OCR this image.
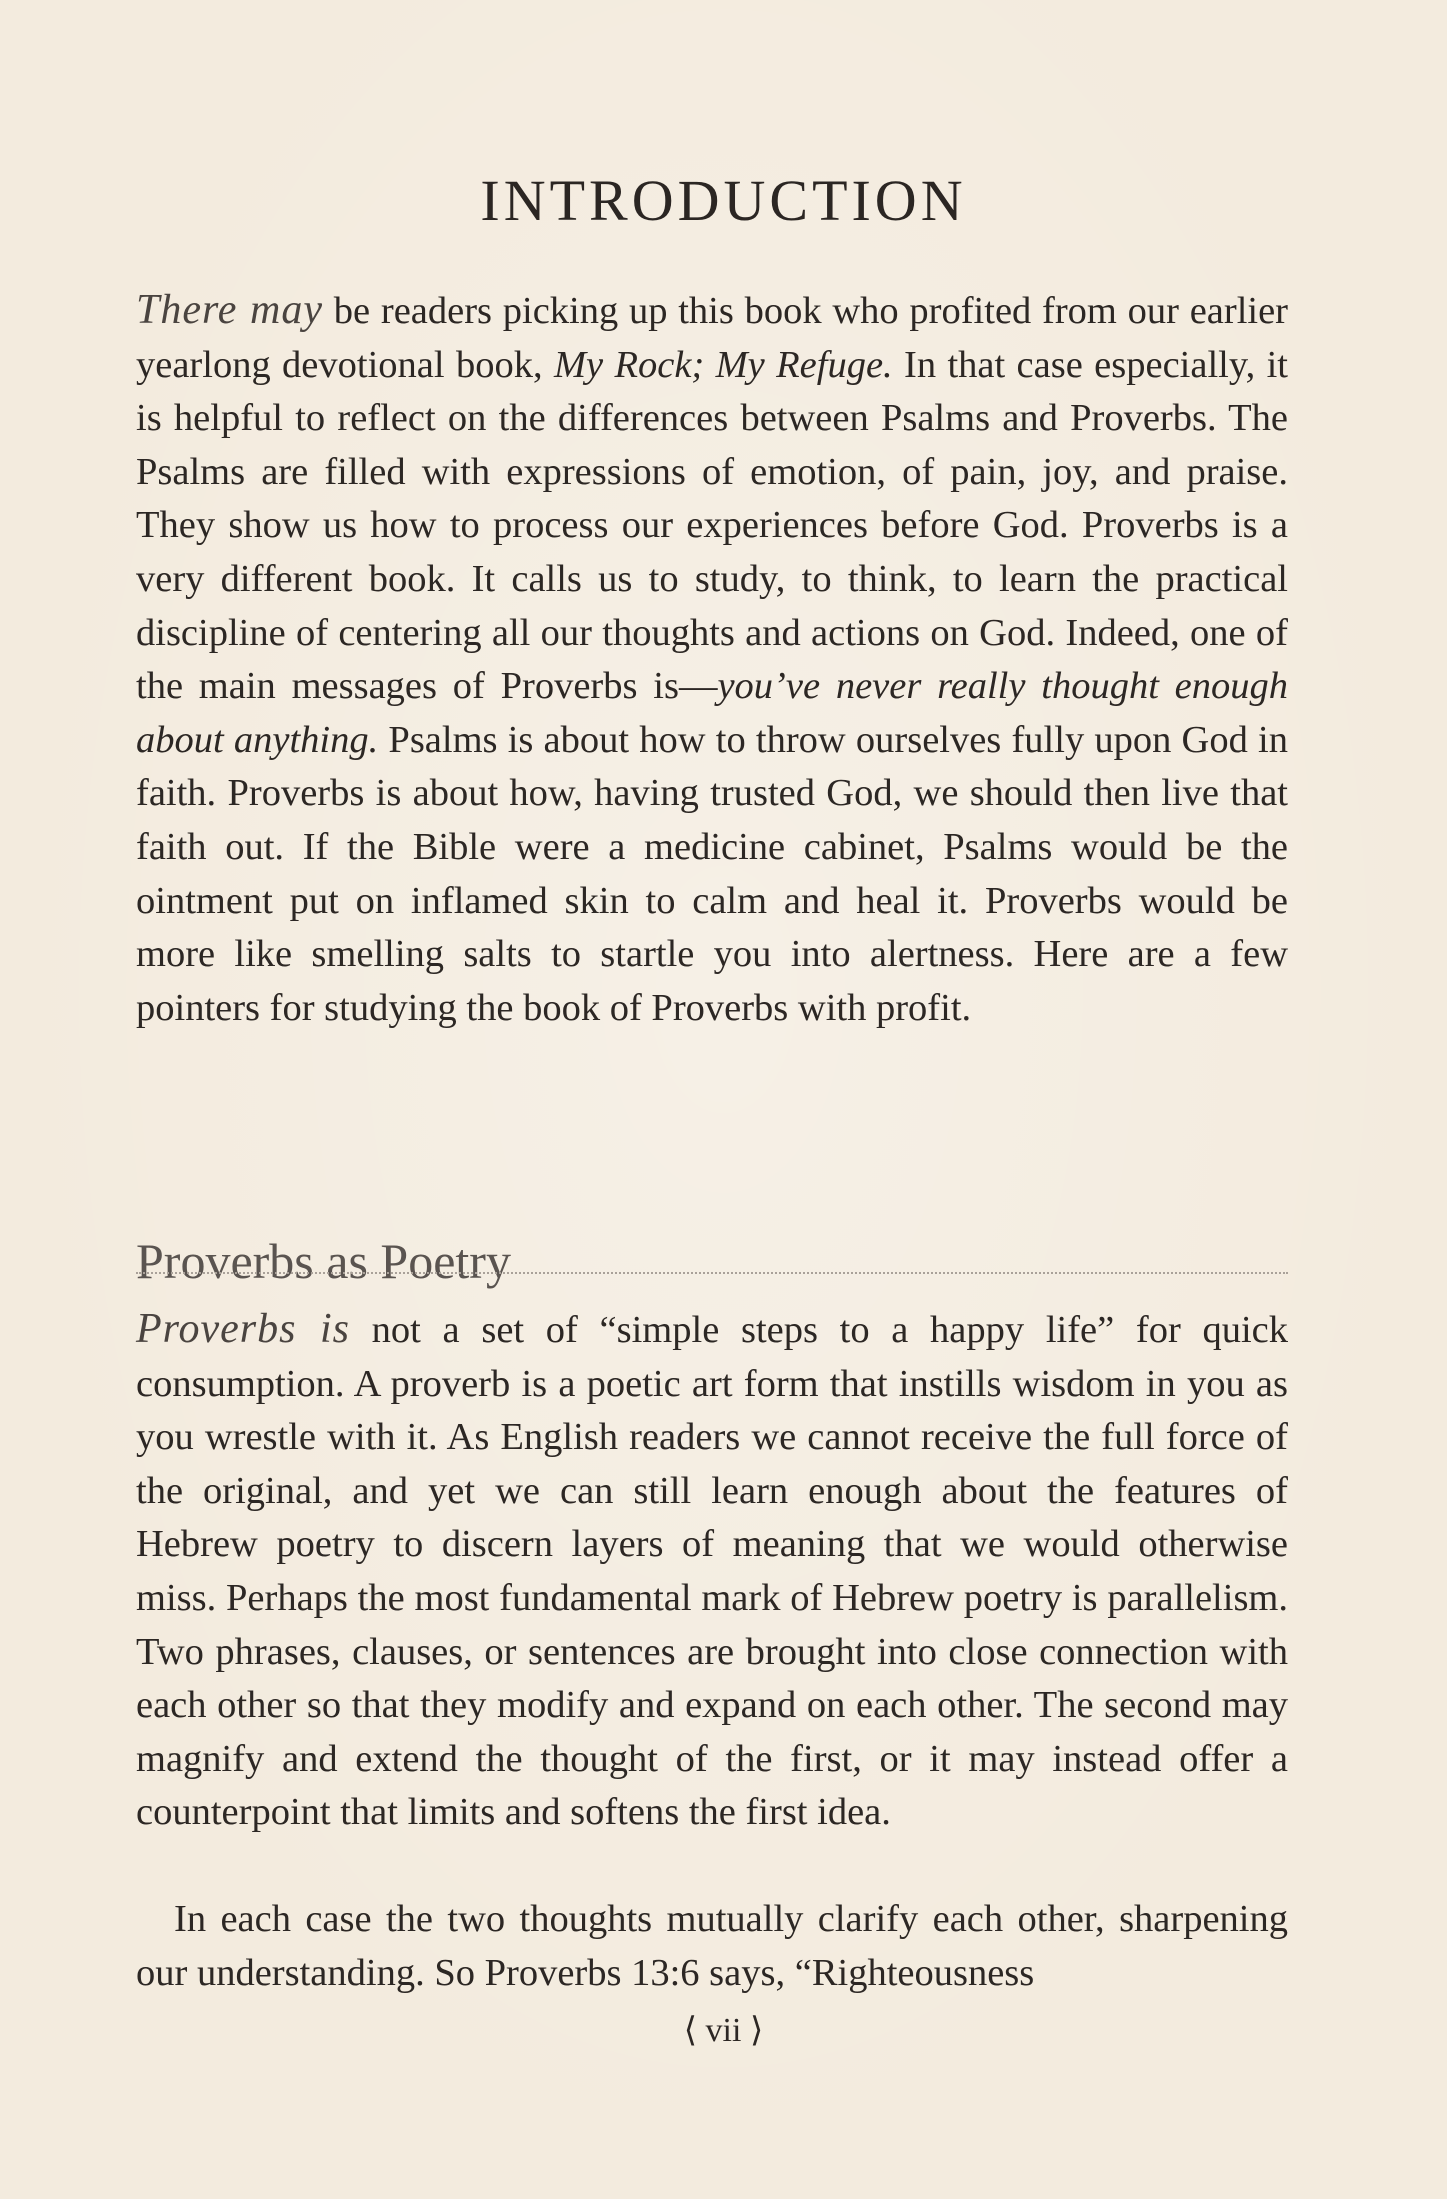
INTRODUCTION
There may be readers picking up this book who profited from our earlier yearlong devotional book, My Rock; My Refuge. In that case especially, it is helpful to reflect on the differences between Psalms and Proverbs. The Psalms are filled with expressions of emotion, of pain, joy, and praise. They show us how to process our experiences before God. Proverbs is a very different book. It calls us to study, to think, to learn the practical discipline of centering all our thoughts and actions on God. Indeed, one of the main messages of Proverbs is—you’ve never really thought enough about anything. Psalms is about how to throw ourselves fully upon God in faith. Proverbs is about how, having trusted God, we should then live that faith out. If the Bible were a medicine cabinet, Psalms would be the ointment put on inflamed skin to calm and heal it. Proverbs would be more like smelling salts to startle you into alertness. Here are a few pointers for studying the book of Proverbs with profit.
Proverbs as Poetry
Proverbs is not a set of “simple steps to a happy life” for quick consumption. A proverb is a poetic art form that instills wisdom in you as you wrestle with it. As English readers we cannot receive the full force of the original, and yet we can still learn enough about the features of Hebrew poetry to discern layers of meaning that we would otherwise miss. Perhaps the most fundamental mark of Hebrew poetry is parallelism. Two phrases, clauses, or sentences are brought into close connection with each other so that they modify and expand on each other. The second may magnify and extend the thought of the first, or it may instead offer a counterpoint that limits and softens the first idea.
In each case the two thoughts mutually clarify each other, sharpening our understanding. So Proverbs 13:6 says, “Righteousness
⟨ vii ⟩
